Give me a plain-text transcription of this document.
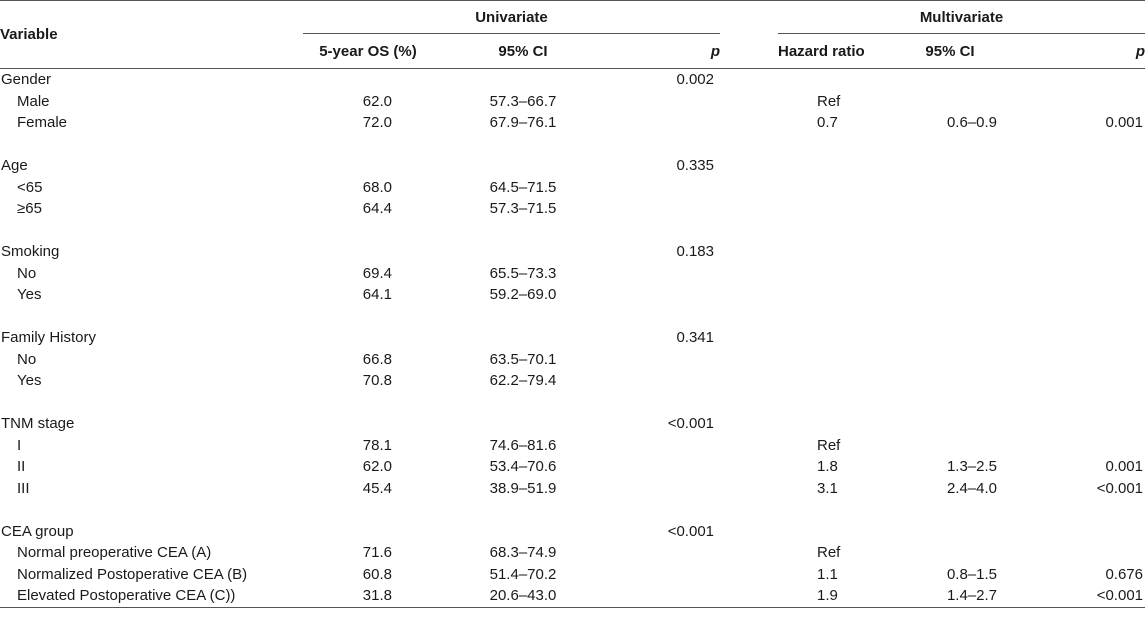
Variable	Univariate				Multivariate		
	5-year OS (%)	95% CI	p		Hazard ratio	95% CI	p
Gender			0.002				
Male	62.0	57.3–66.7			Ref		
Female	72.0	67.9–76.1			0.7	0.6–0.9	0.001

Age			0.335				
<65	68.0	64.5–71.5					
≥65	64.4	57.3–71.5					

Smoking			0.183				
No	69.4	65.5–73.3					
Yes	64.1	59.2–69.0					

Family History			0.341				
No	66.8	63.5–70.1					
Yes	70.8	62.2–79.4					

TNM stage			<0.001				
I	78.1	74.6–81.6			Ref		
II	62.0	53.4–70.6			1.8	1.3–2.5	0.001
III	45.4	38.9–51.9			3.1	2.4–4.0	<0.001

CEA group			<0.001				
Normal preoperative CEA (A)	71.6	68.3–74.9			Ref		
Normalized Postoperative CEA (B)	60.8	51.4–70.2			1.1	0.8–1.5	0.676
Elevated Postoperative CEA (C))	31.8	20.6–43.0			1.9	1.4–2.7	<0.001
